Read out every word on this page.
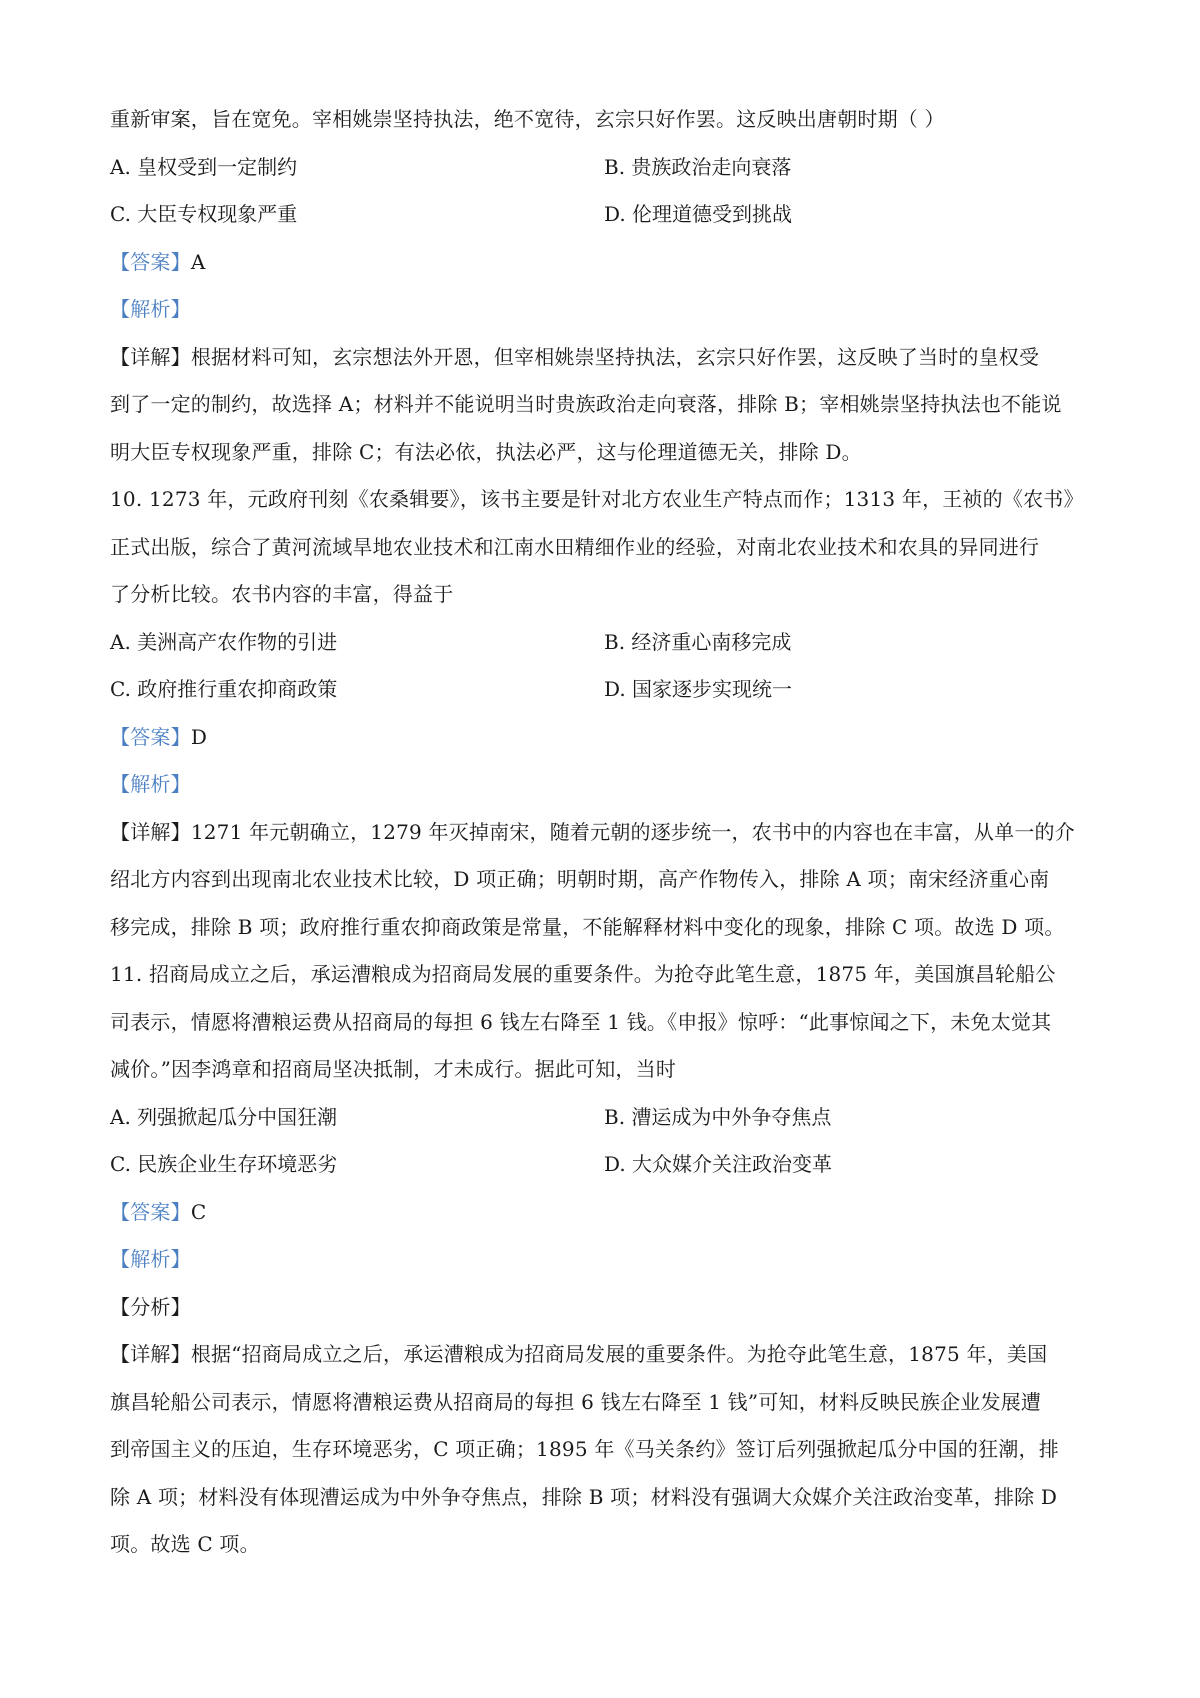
重新审案，旨在宽免。宰相姚崇坚持执法，绝不宽待，玄宗只好作罢。这反映出唐朝时期（ ）
A. 皇权受到一定制约	B. 贵族政治走向衰落
C. 大臣专权现象严重	D. 伦理道德受到挑战
【答案】A
【解析】
【详解】根据材料可知，玄宗想法外开恩，但宰相姚崇坚持执法，玄宗只好作罢，这反映了当时的皇权受
到了一定的制约，故选择 A；材料并不能说明当时贵族政治走向衰落，排除 B；宰相姚崇坚持执法也不能说
明大臣专权现象严重，排除 C；有法必依，执法必严，这与伦理道德无关，排除 D。
10. 1273 年，元政府刊刻《农桑辑要》，该书主要是针对北方农业生产特点而作；1313 年，王祯的《农书》
正式出版，综合了黄河流域旱地农业技术和江南水田精细作业的经验，对南北农业技术和农具的异同进行
了分析比较。农书内容的丰富，得益于
A. 美洲高产农作物的引进	B. 经济重心南移完成
C. 政府推行重农抑商政策	D. 国家逐步实现统一
【答案】D
【解析】
【详解】1271 年元朝确立，1279 年灭掉南宋，随着元朝的逐步统一，农书中的内容也在丰富，从单一的介
绍北方内容到出现南北农业技术比较，D 项正确；明朝时期，高产作物传入，排除 A 项；南宋经济重心南
移完成，排除 B 项；政府推行重农抑商政策是常量，不能解释材料中变化的现象，排除 C 项。故选 D 项。
11. 招商局成立之后，承运漕粮成为招商局发展的重要条件。为抢夺此笔生意，1875 年，美国旗昌轮船公
司表示，情愿将漕粮运费从招商局的每担 6 钱左右降至 1 钱。《申报》惊呼：“此事惊闻之下，未免太觉其
减价。”因李鸿章和招商局坚决抵制，才未成行。据此可知，当时
A. 列强掀起瓜分中国狂潮	B. 漕运成为中外争夺焦点
C. 民族企业生存环境恶劣	D. 大众媒介关注政治变革
【答案】C
【解析】
【分析】
【详解】根据“招商局成立之后，承运漕粮成为招商局发展的重要条件。为抢夺此笔生意，1875 年，美国
旗昌轮船公司表示，情愿将漕粮运费从招商局的每担 6 钱左右降至 1 钱”可知，材料反映民族企业发展遭
到帝国主义的压迫，生存环境恶劣，C 项正确；1895 年《马关条约》签订后列强掀起瓜分中国的狂潮，排
除 A 项；材料没有体现漕运成为中外争夺焦点，排除 B 项；材料没有强调大众媒介关注政治变革，排除 D
项。故选 C 项。
